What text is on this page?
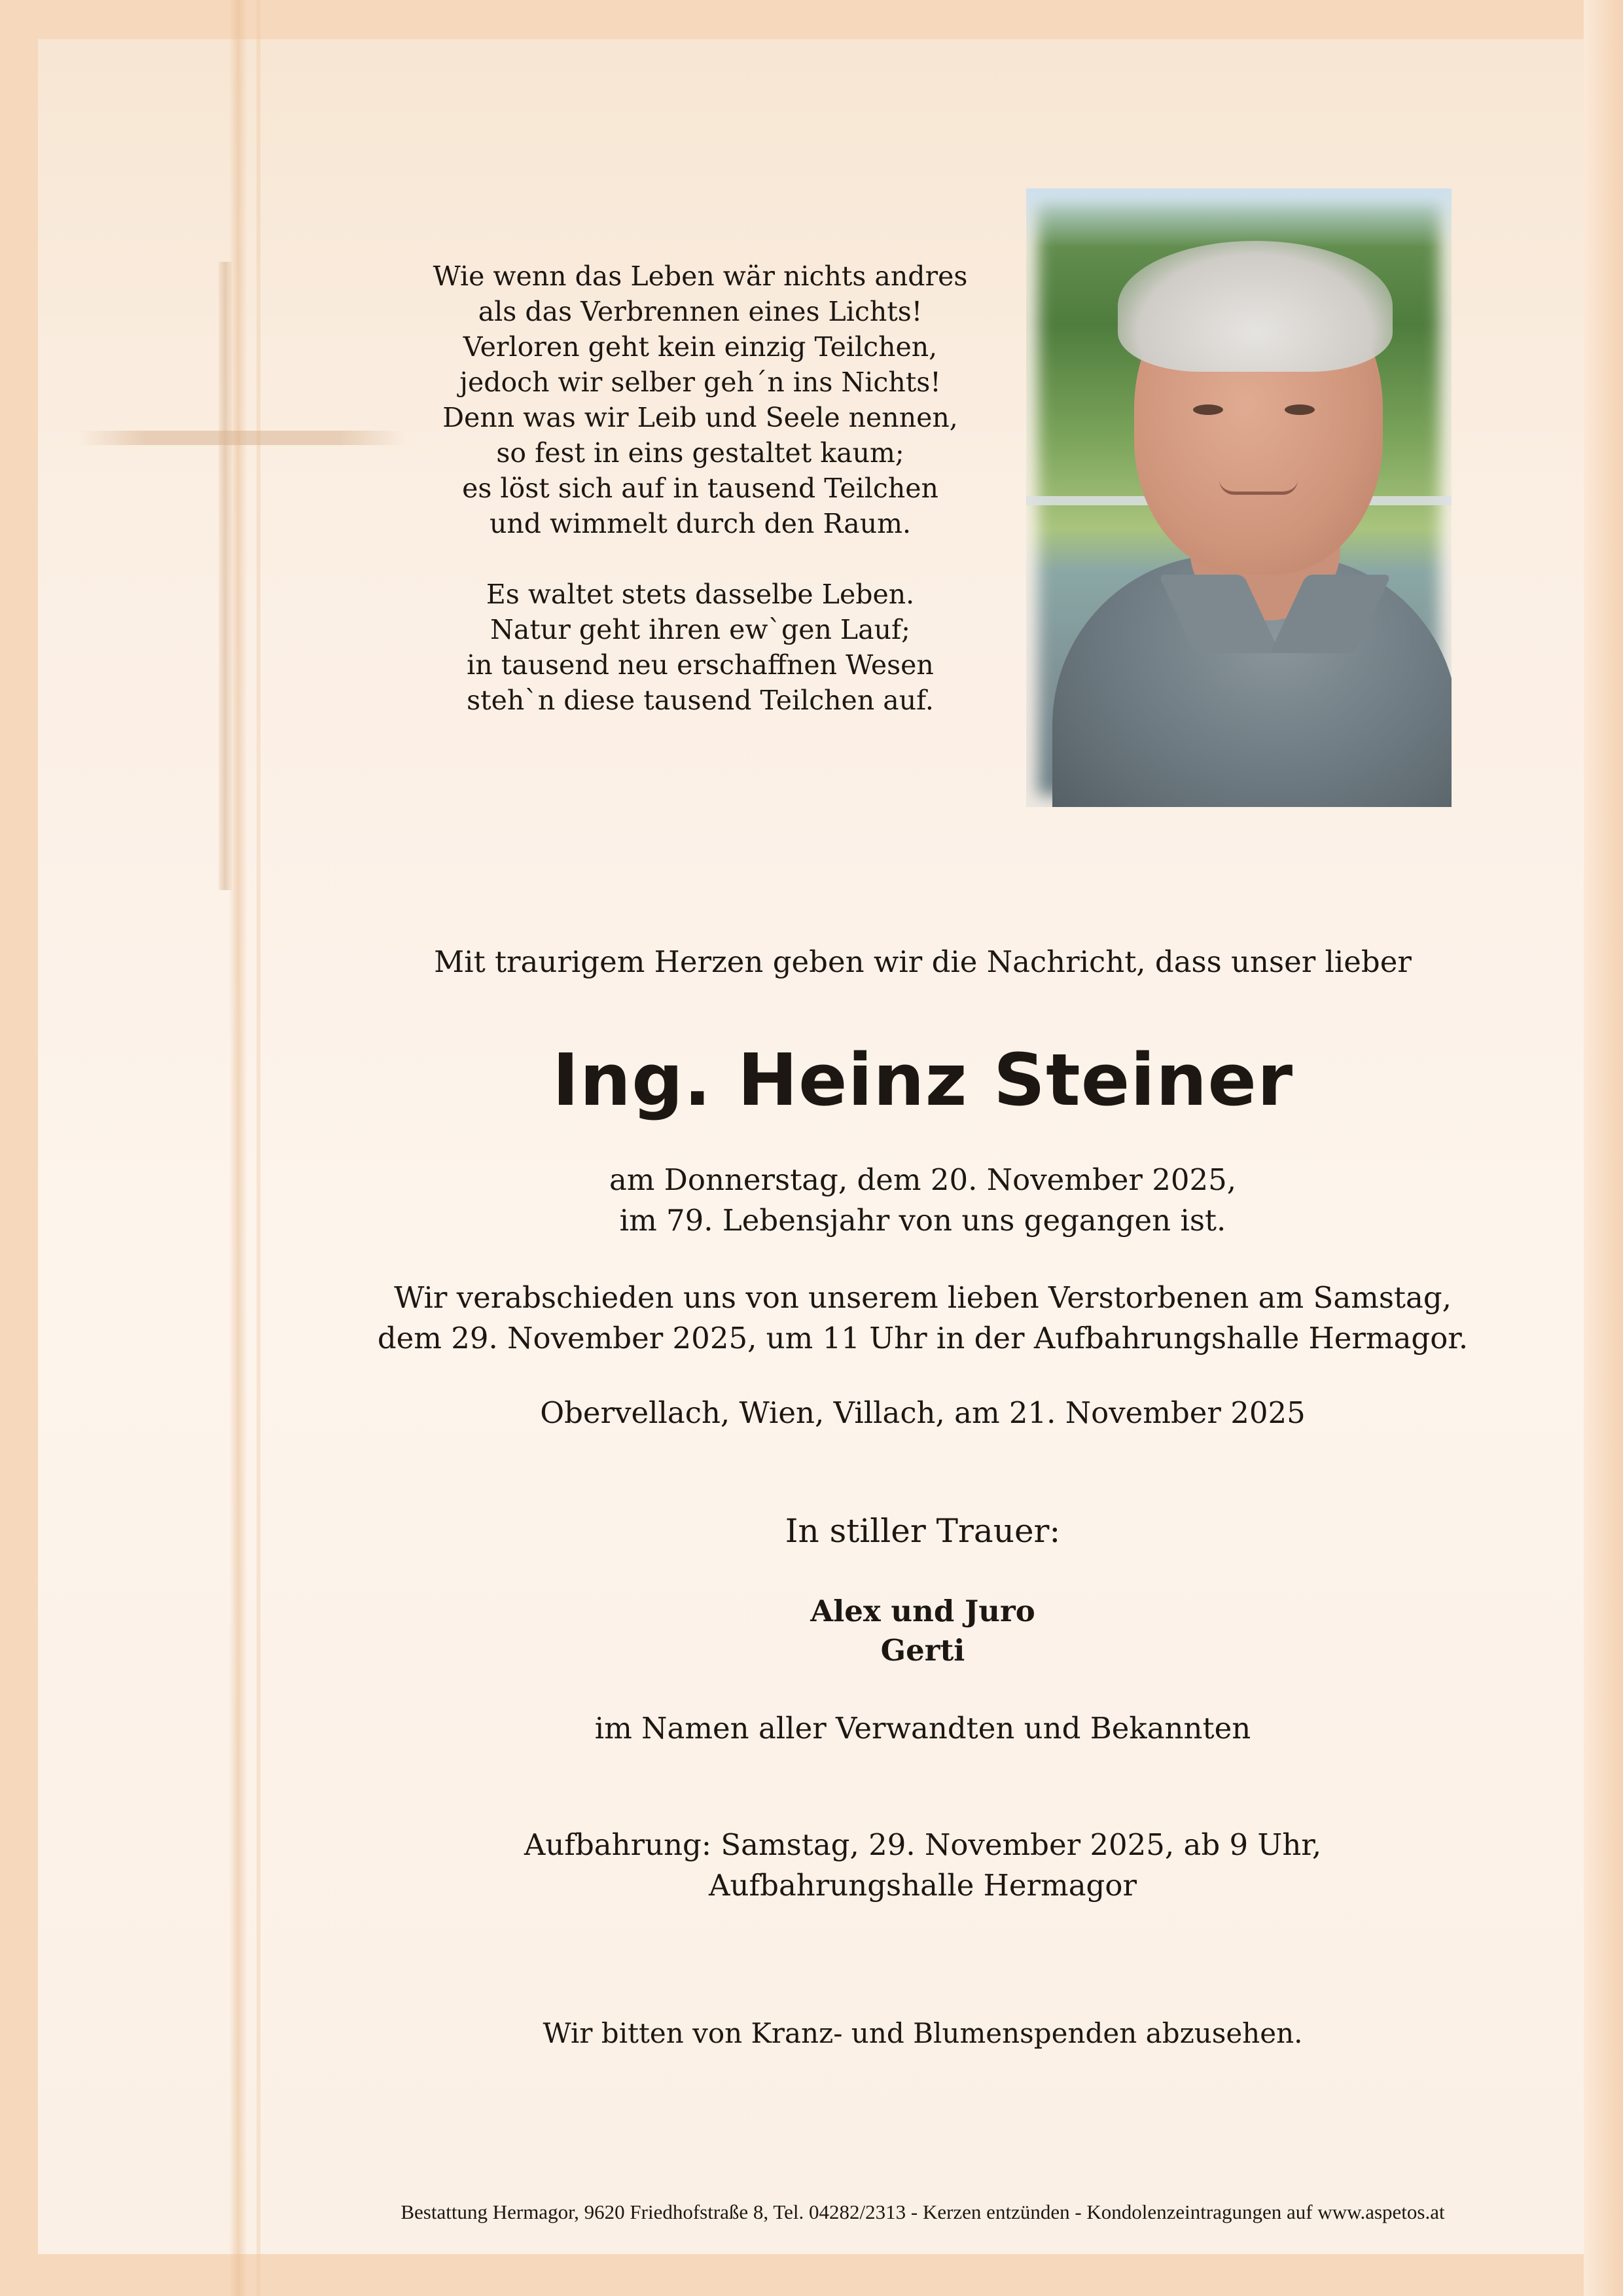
Wie wenn das Leben wär nichts andres

als das Verbrennen eines Lichts!

Verloren geht kein einzig Teilchen,

jedoch wir selber geh´n ins Nichts!

Denn was wir Leib und Seele nennen,

so fest in eins gestaltet kaum;

es löst sich auf in tausend Teilchen

und wimmelt durch den Raum.

Es waltet stets dasselbe Leben.

Natur geht ihren ew`gen Lauf;

in tausend neu erschaffnen Wesen

steh`n diese tausend Teilchen auf.

Mit traurigem Herzen geben wir die Nachricht, dass unser lieber

Ing. Heinz Steiner

am Donnerstag, dem 20. November 2025,

im 79. Lebensjahr von uns gegangen ist.

Wir verabschieden uns von unserem lieben Verstorbenen am Samstag,

dem 29. November 2025, um 11 Uhr in der Aufbahrungshalle Hermagor.

Obervellach, Wien, Villach, am 21. November 2025

In stiller Trauer:

Alex und Juro

Gerti

im Namen aller Verwandten und Bekannten

Aufbahrung: Samstag, 29. November 2025, ab 9 Uhr,

Aufbahrungshalle Hermagor

Wir bitten von Kranz- und Blumenspenden abzusehen.

Bestattung Hermagor, 9620 Friedhofstraße 8, Tel. 04282/2313 - Kerzen entzünden - Kondolenzeintragungen auf www.aspetos.at
